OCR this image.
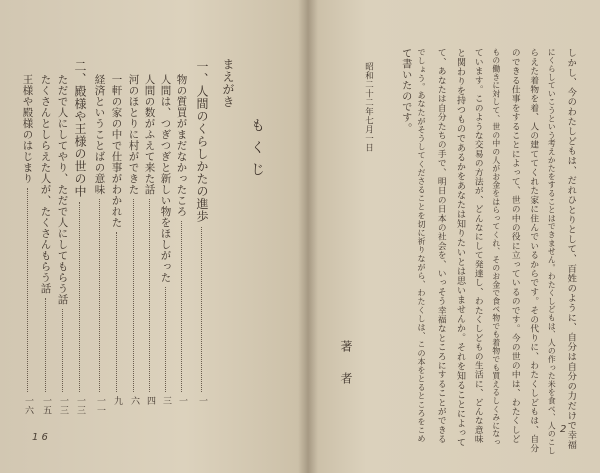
もくじ
まえがき
一、人間のくらしかたの進歩
一
物の質買がまだなかったころ
一
人間は、つぎつぎと新しい物をほしがった
三
人間の数がふえて来た話
四
河のほとりに村ができた
六
一軒の家の中で仕事がわかれた
九
経済ということばの意味
一一
二、殿様や王様の世の中
一三
ただで人にしてやり、ただで人にしてもらう話
一三
たくさんとしらえた人が、たくさんもらう話
一五
王様や殿様のはじまり
一六
1 6	しかし、今のわたしどもは、だれひとりとして、百姓のように、自分は自分の力だけで幸福
にくらしていこうという考えかたをすることはできません。わたくしどもは、人の作った米を食べ、人のこし
らえた着物を着、人の建ててくれた家に住んでいるからです。その代りに、わたくしどもは、自分
のできる仕事をすることによって、世の中の役に立っているのです。今の世の中は、わたくしど
もの働きに対して、世の中の人がお金をはらってくれ、そのお金で食べ物でも着物でも買えるしくみになっ
ています。このような交易の方法が、どんなにして発達し、わたくしどもの生活に、どんな意味
と関わりを持つものであるかをあなたは知りたいとは思いませんか。それを知ることによって
て、あなたは自分たちの手で、明日の日本の社会を、いっそう幸福なところにすることができる
でしょう。あなたがそうしてくださることを切に祈りながら、わたくしは、この本をとるところをこめ
て書いたのです。
昭和二十二年七月一日
著者
2
